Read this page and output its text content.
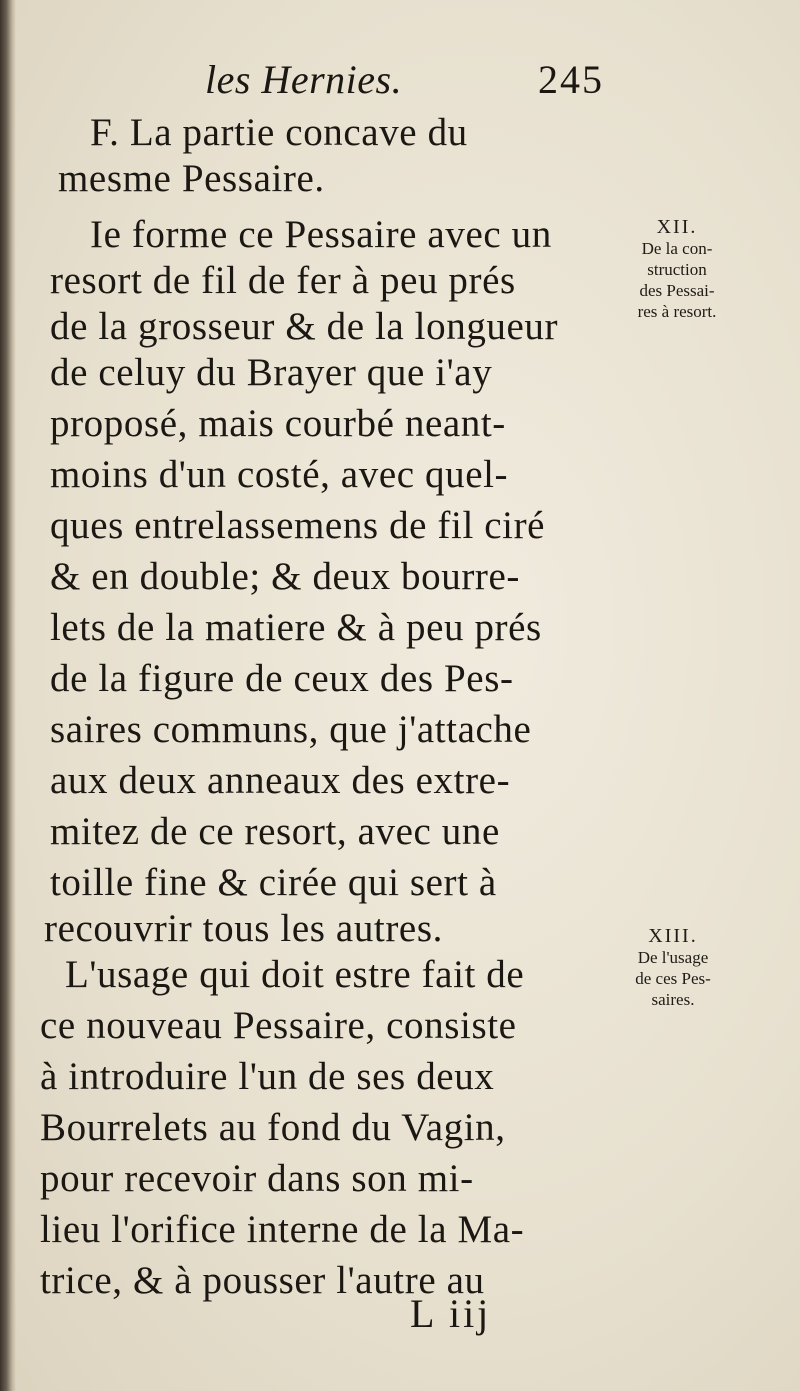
les Hernies.	245
F. La partie concave du
mesme Pessaire.
Ie forme ce Pessaire avec un
resort de fil de fer à peu prés
de la grosseur & de la longueur
de celuy du Brayer que i'ay
proposé, mais courbé neant-
moins d'un costé, avec quel-
ques entrelassemens de fil ciré
& en double; & deux bourre-
lets de la matiere & à peu prés
de la figure de ceux des Pes-
saires communs, que j'attache
aux deux anneaux des extre-
mitez de ce resort, avec une
toille fine & cirée qui sert à
recouvrir tous les autres.
L'usage qui doit estre fait de
ce nouveau Pessaire, consiste
à introduire l'un de ses deux
Bourrelets au fond du Vagin,
pour recevoir dans son mi-
lieu l'orifice interne de la Ma-
trice, & à pousser l'autre au
XII.
De la con-
struction
des Pessai-
res à resort.
XIII.
De l'usage
de ces Pes-
saires.
L iij
